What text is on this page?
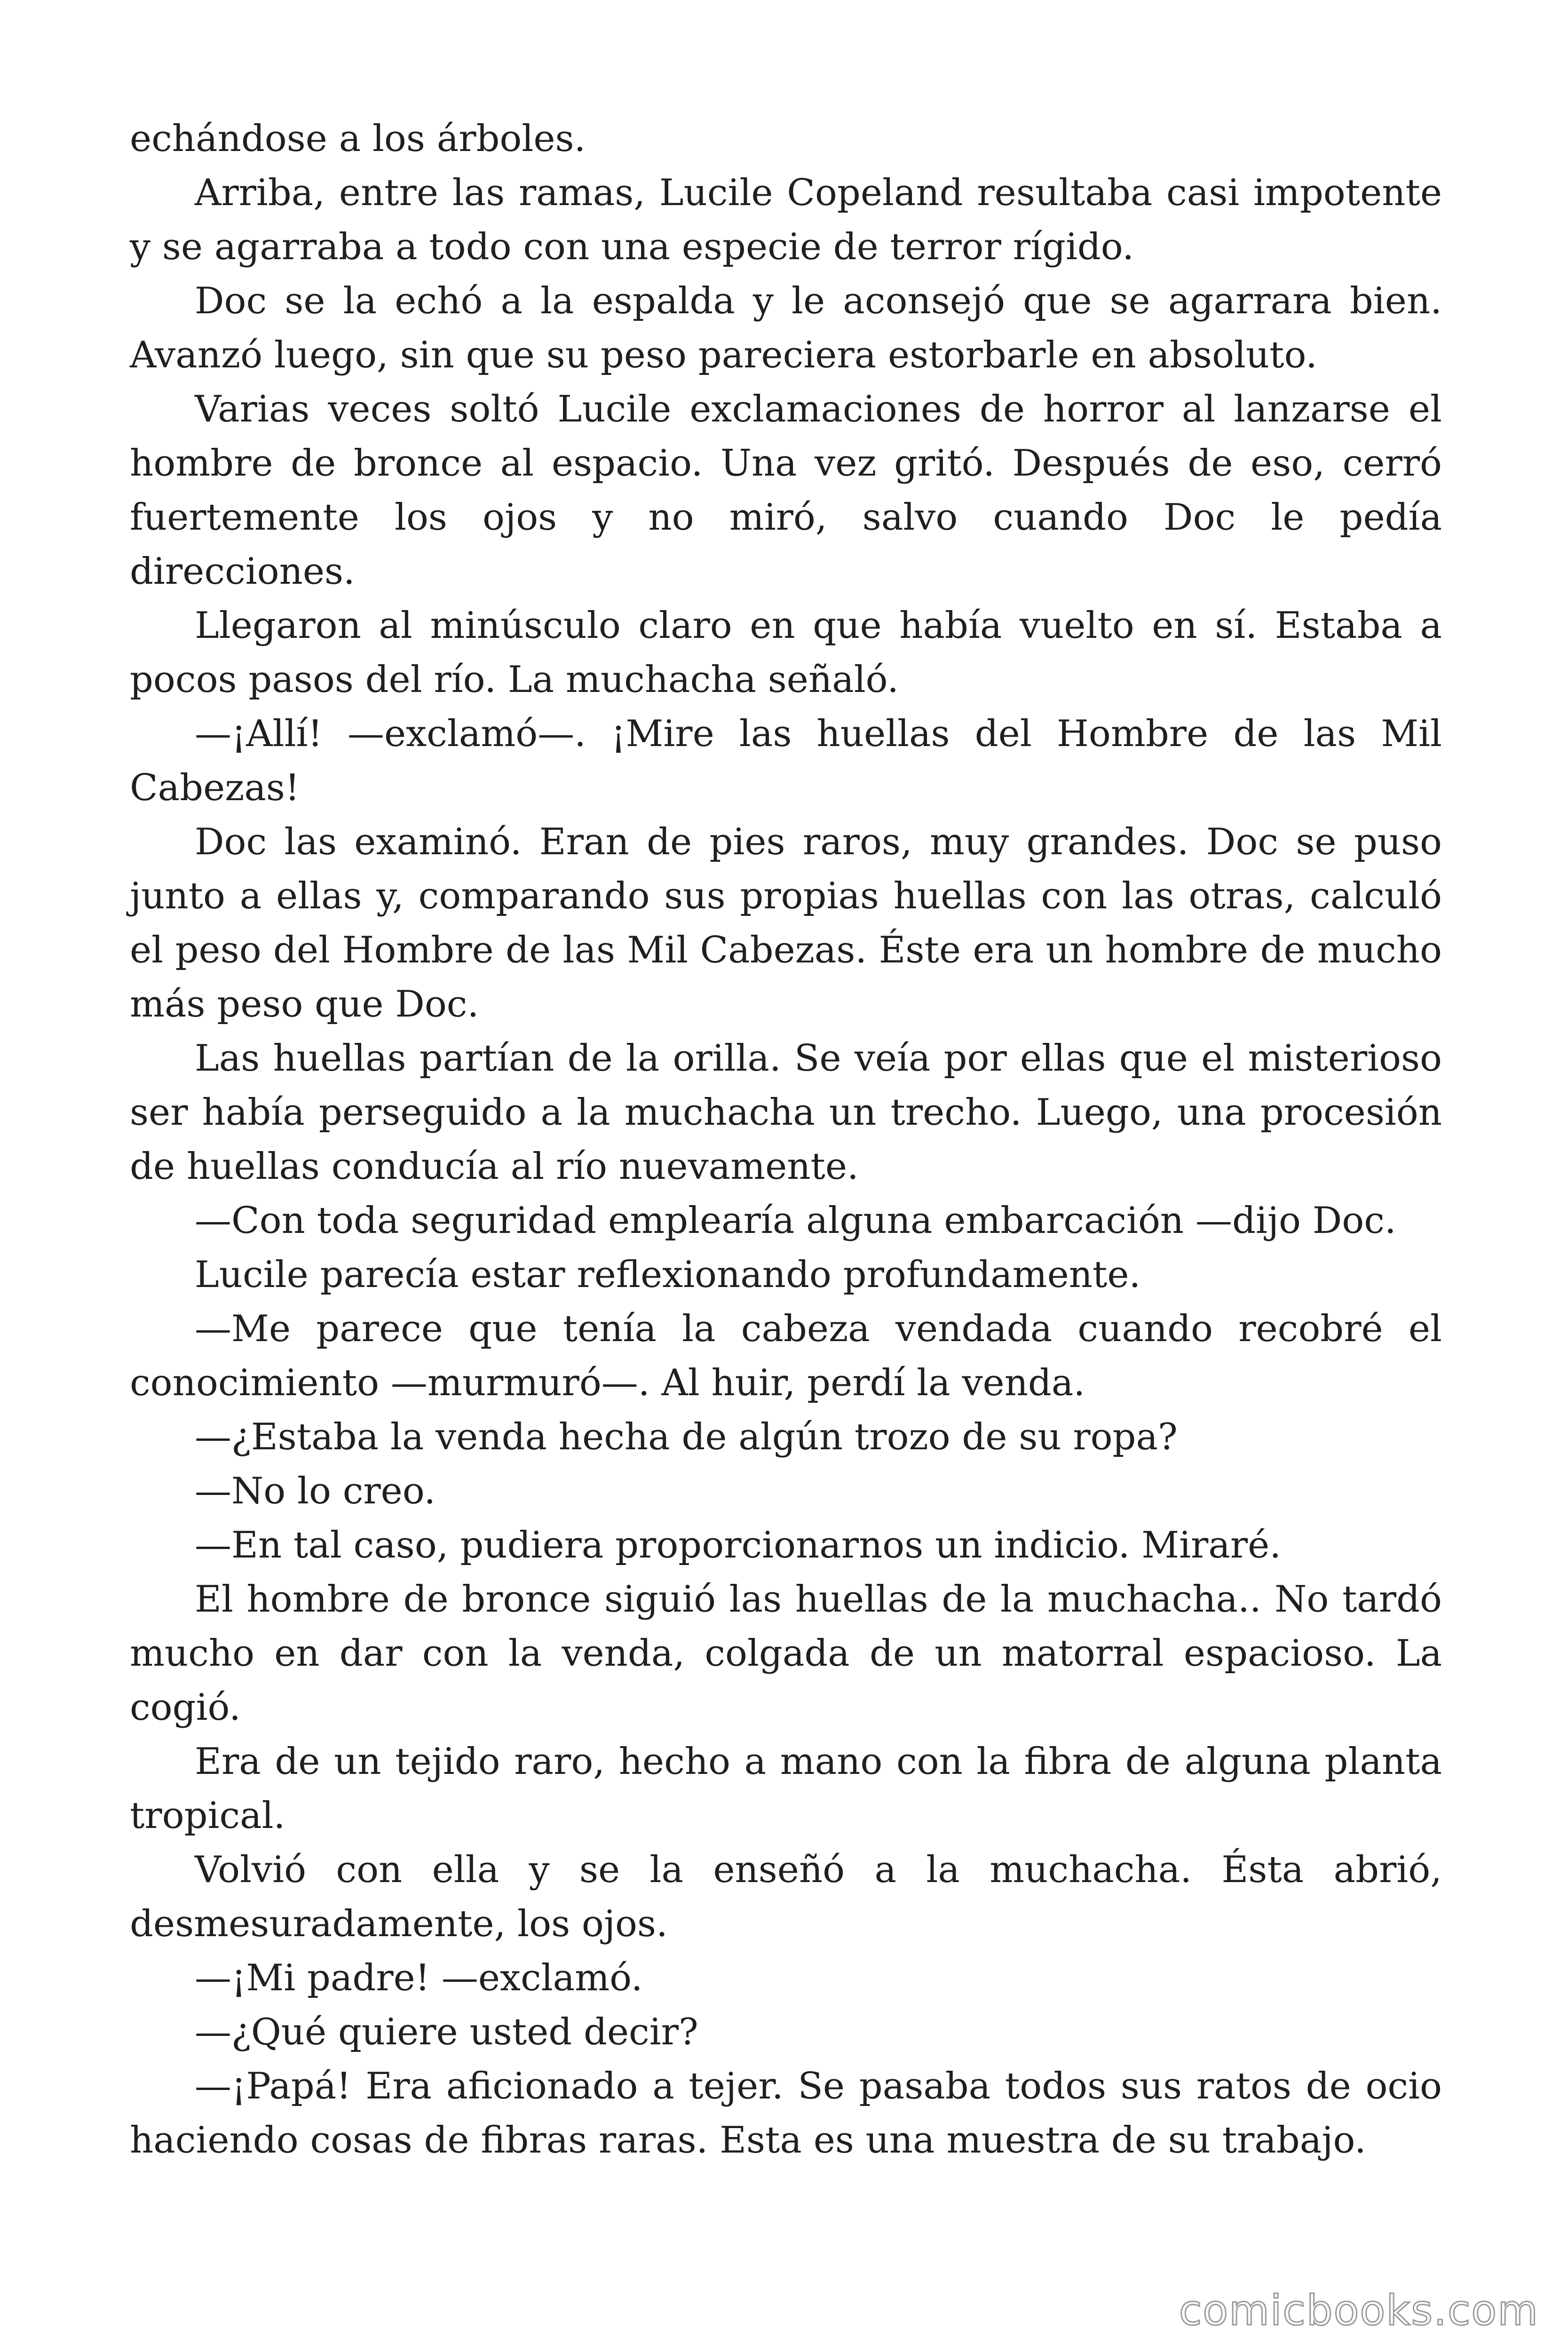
echándose a los árboles.

Arriba, entre las ramas, Lucile Copeland resultaba casi impotente y se agarraba a todo con una especie de terror rígido.

Doc se la echó a la espalda y le aconsejó que se agarrara bien. Avanzó luego, sin que su peso pareciera estorbarle en absoluto.

Varias veces soltó Lucile exclamaciones de horror al lanzarse el hombre de bronce al espacio. Una vez gritó. Después de eso, cerró fuertemente los ojos y no miró, salvo cuando Doc le pedía direcciones.

Llegaron al minúsculo claro en que había vuelto en sí. Estaba a pocos pasos del río. La muchacha señaló.

—¡Allí! —exclamó—. ¡Mire las huellas del Hombre de las Mil Cabezas!

Doc las examinó. Eran de pies raros, muy grandes. Doc se puso junto a ellas y, comparando sus propias huellas con las otras, calculó el peso del Hombre de las Mil Cabezas. Éste era un hombre de mucho más peso que Doc.

Las huellas partían de la orilla. Se veía por ellas que el misterioso ser había perseguido a la muchacha un trecho. Luego, una procesión de huellas conducía al río nuevamente.

—Con toda seguridad emplearía alguna embarcación —dijo Doc.

Lucile parecía estar reflexionando profundamente.

—Me parece que tenía la cabeza vendada cuando recobré el conocimiento —murmuró—. Al huir, perdí la venda.

—¿Estaba la venda hecha de algún trozo de su ropa?

—No lo creo.

—En tal caso, pudiera proporcionarnos un indicio. Miraré.

El hombre de bronce siguió las huellas de la muchacha.. No tardó mucho en dar con la venda, colgada de un matorral espacioso. La cogió.

Era de un tejido raro, hecho a mano con la fibra de alguna planta tropical.

Volvió con ella y se la enseñó a la muchacha. Ésta abrió, desmesuradamente, los ojos.

—¡Mi padre! —exclamó.

—¿Qué quiere usted decir?

—¡Papá! Era aficionado a tejer. Se pasaba todos sus ratos de ocio haciendo cosas de fibras raras. Esta es una muestra de su trabajo.

comicbooks.com
